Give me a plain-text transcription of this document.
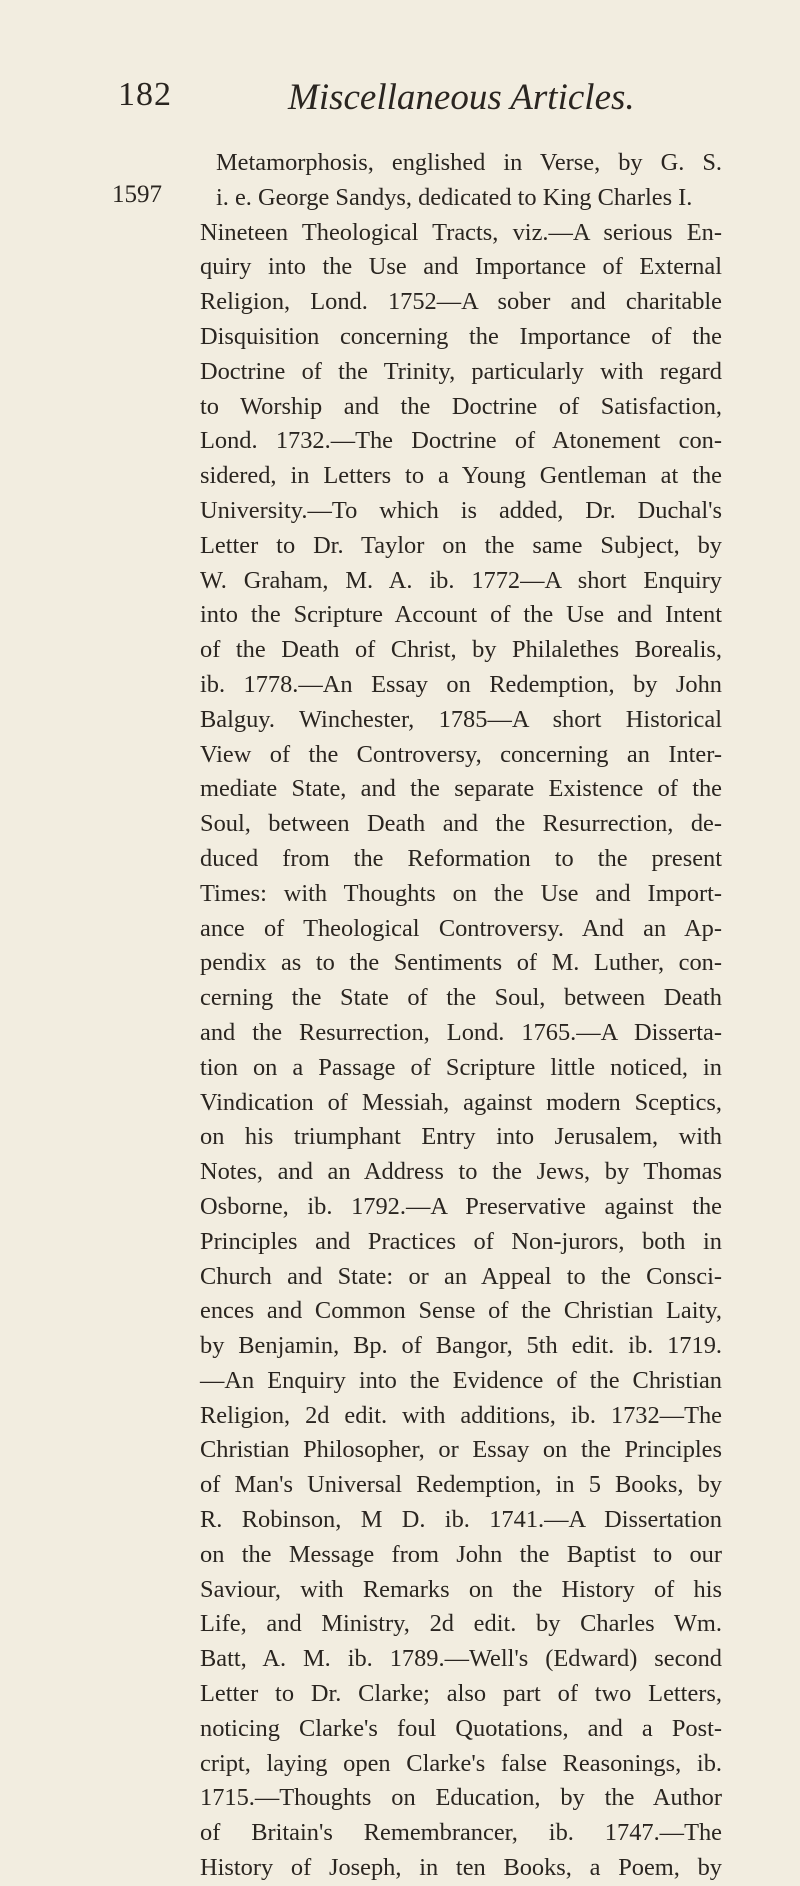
182	Miscellaneous Articles.
1597
Metamorphosis, englished in Verse, by G. S.
i. e. George Sandys, dedicated to King Charles I.
Nineteen Theological Tracts, viz.—A serious En-
quiry into the Use and Importance of External
Religion, Lond. 1752—A sober and charitable
Disquisition concerning the Importance of the
Doctrine of the Trinity, particularly with regard
to Worship and the Doctrine of Satisfaction,
Lond. 1732.—The Doctrine of Atonement con-
sidered, in Letters to a Young Gentleman at the
University.—To which is added, Dr. Duchal's
Letter to Dr. Taylor on the same Subject, by
W. Graham, M. A. ib. 1772—A short Enquiry
into the Scripture Account of the Use and Intent
of the Death of Christ, by Philalethes Borealis,
ib. 1778.—An Essay on Redemption, by John
Balguy. Winchester, 1785—A short Historical
View of the Controversy, concerning an Inter-
mediate State, and the separate Existence of the
Soul, between Death and the Resurrection, de-
duced from the Reformation to the present
Times: with Thoughts on the Use and Import-
ance of Theological Controversy. And an Ap-
pendix as to the Sentiments of M. Luther, con-
cerning the State of the Soul, between Death
and the Resurrection, Lond. 1765.—A Disserta-
tion on a Passage of Scripture little noticed, in
Vindication of Messiah, against modern Sceptics,
on his triumphant Entry into Jerusalem, with
Notes, and an Address to the Jews, by Thomas
Osborne, ib. 1792.—A Preservative against the
Principles and Practices of Non-jurors, both in
Church and State: or an Appeal to the Consci-
ences and Common Sense of the Christian Laity,
by Benjamin, Bp. of Bangor, 5th edit. ib. 1719.
—An Enquiry into the Evidence of the Christian
Religion, 2d edit. with additions, ib. 1732—The
Christian Philosopher, or Essay on the Principles
of Man's Universal Redemption, in 5 Books, by
R. Robinson, M D. ib. 1741.—A Dissertation
on the Message from John the Baptist to our
Saviour, with Remarks on the History of his
Life, and Ministry, 2d edit. by Charles Wm.
Batt, A. M. ib. 1789.—Well's (Edward) second
Letter to Dr. Clarke; also part of two Letters,
noticing Clarke's foul Quotations, and a Post-
cript, laying open Clarke's false Reasonings, ib.
1715.—Thoughts on Education, by the Author
of Britain's Remembrancer, ib. 1747.—The
History of Joseph, in ten Books, a Poem, by
